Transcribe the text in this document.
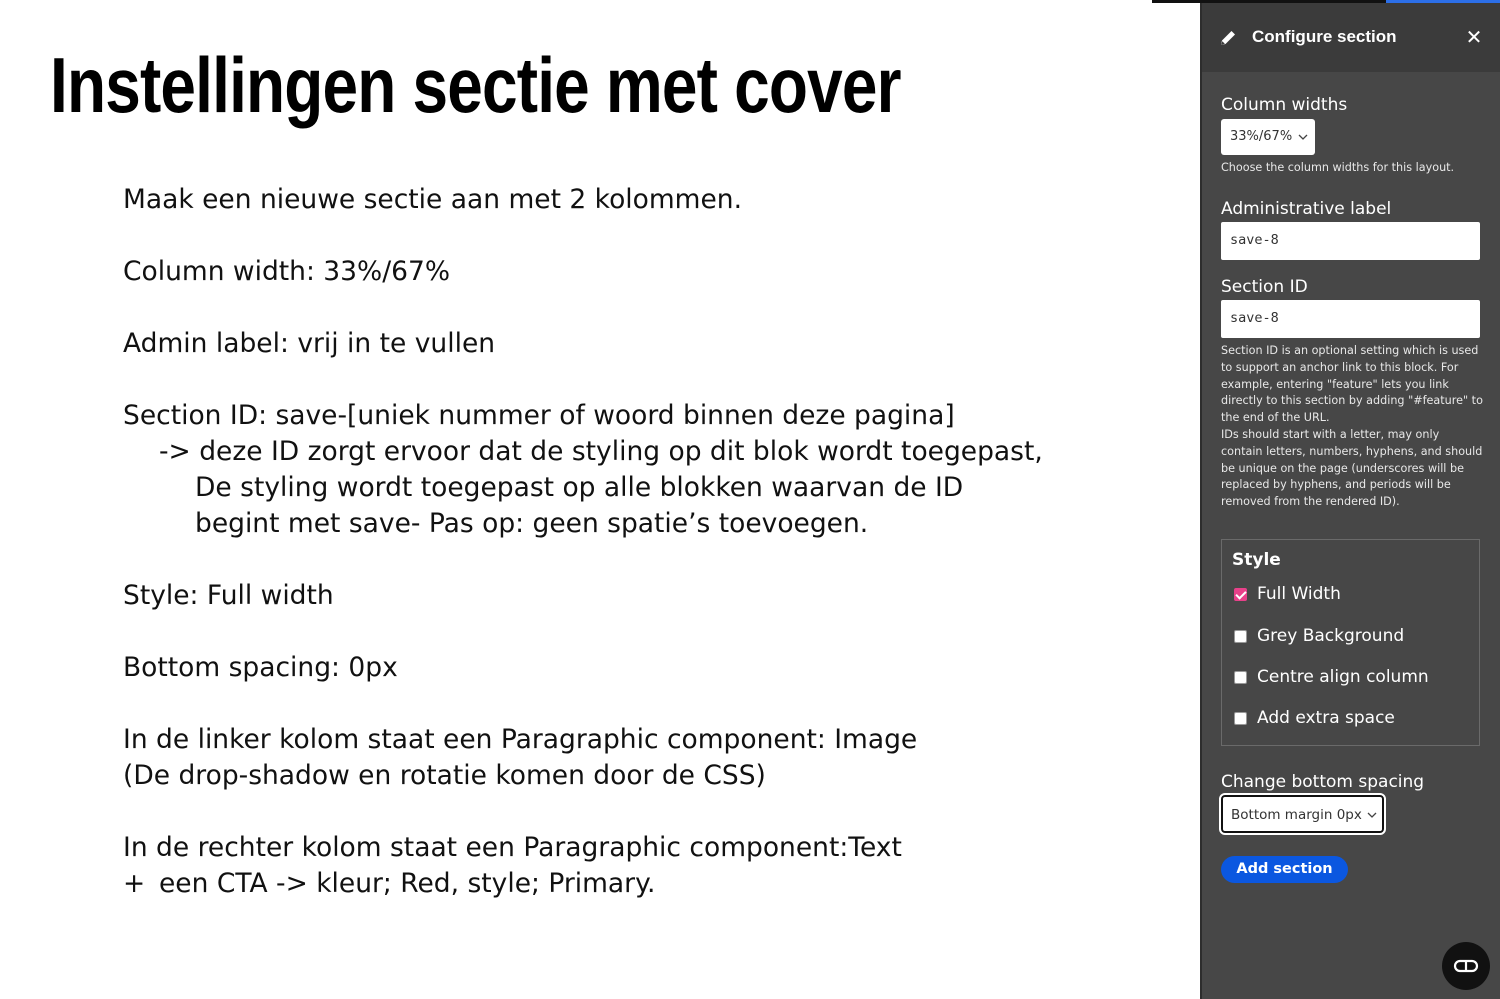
Instellingen sectie met cover

Maak een nieuwe sectie aan met 2 kolommen.

Column width: 33%/67%

Admin label: vrij in te vullen

Section ID: save-[uniek nummer of woord binnen deze pagina]

-> deze ID zorgt ervoor dat de styling op dit blok wordt toegepast,

De styling wordt toegepast op alle blokken waarvan de ID

begint met save- Pas op: geen spatie’s toevoegen.

Style: Full width

Bottom spacing: 0px

In de linker kolom staat een Paragraphic component: Image

(De drop-shadow en rotatie komen door de CSS)

In de rechter kolom staat een Paragraphic component:Text

+ een CTA -> kleur; Red, style; Primary.

Configure section	✕
Column widths
33%/67%
Choose the column widths for this layout.
Administrative label
save-8
Section ID
save-8
Section ID is an optional setting which is used to support an anchor link to this block. For example, entering "feature" lets you link directly to this section by adding "#feature" to the end of the URL.
IDs should start with a letter, may only contain letters, numbers, hyphens, and should be unique on the page (underscores will be replaced by hyphens, and periods will be removed from the rendered ID).
Style
Full Width
Grey Background
Centre align column
Add extra space
Change bottom spacing
Bottom margin 0px
Add section
